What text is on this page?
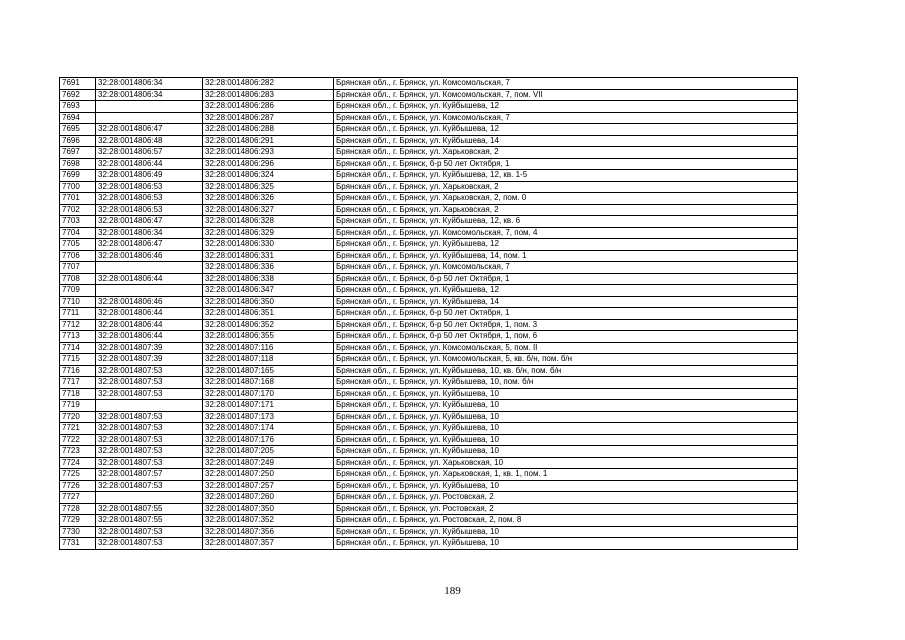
7691	32:28:0014806:34	32:28:0014806:282	Брянская обл., г. Брянск, ул. Комсомольская, 7
7692	32:28:0014806:34	32:28:0014806:283	Брянская обл., г. Брянск, ул. Комсомольская, 7, пом. VII
7693		32:28:0014806:286	Брянская обл., г. Брянск, ул. Куйбышева, 12
7694		32:28:0014806:287	Брянская обл., г. Брянск, ул. Комсомольская, 7
7695	32:28:0014806:47	32:28:0014806:288	Брянская обл., г. Брянск, ул. Куйбышева, 12
7696	32:28:0014806:48	32:28:0014806:291	Брянская обл., г. Брянск, ул. Куйбышева, 14
7697	32:28:0014806:57	32:28:0014806:293	Брянская обл., г. Брянск, ул. Харьковская, 2
7698	32:28:0014806:44	32:28:0014806:296	Брянская обл., г. Брянск, б-р 50 лет Октября, 1
7699	32:28:0014806:49	32:28:0014806:324	Брянская обл., г. Брянск, ул. Куйбышева, 12, кв. 1-5
7700	32:28:0014806:53	32:28:0014806:325	Брянская обл., г. Брянск, ул. Харьковская, 2
7701	32:28:0014806:53	32:28:0014806:326	Брянская обл., г. Брянск, ул. Харьковская, 2, пом. 0
7702	32:28:0014806:53	32:28:0014806:327	Брянская обл., г. Брянск, ул. Харьковская, 2
7703	32:28:0014806:47	32:28:0014806:328	Брянская обл., г. Брянск, ул. Куйбышева, 12, кв. 6
7704	32:28:0014806:34	32:28:0014806:329	Брянская обл., г. Брянск, ул. Комсомольская, 7, пом. 4
7705	32:28:0014806:47	32:28:0014806:330	Брянская обл., г. Брянск, ул. Куйбышева, 12
7706	32:28:0014806:46	32:28:0014806:331	Брянская обл., г. Брянск, ул. Куйбышева, 14, пом. 1
7707		32:28:0014806:336	Брянская обл., г. Брянск, ул. Комсомольская, 7
7708	32:28:0014806:44	32:28:0014806:338	Брянская обл., г. Брянск, б-р 50 лет Октября, 1
7709		32:28:0014806:347	Брянская обл., г. Брянск, ул. Куйбышева, 12
7710	32:28:0014806:46	32:28:0014806:350	Брянская обл., г. Брянск, ул. Куйбышева, 14
7711	32:28:0014806:44	32:28:0014806:351	Брянская обл., г. Брянск, б-р 50 лет Октября, 1
7712	32:28:0014806:44	32:28:0014806:352	Брянская обл., г. Брянск, б-р 50 лет Октября, 1, пом. 3
7713	32:28:0014806:44	32:28:0014806:355	Брянская обл., г. Брянск, б-р 50 лет Октября, 1, пом. 6
7714	32:28:0014807:39	32:28:0014807:116	Брянская обл., г. Брянск, ул. Комсомольская, 5, пом. II
7715	32:28:0014807:39	32:28:0014807:118	Брянская обл., г. Брянск, ул. Комсомольская, 5, кв. б/н, пом. б/н
7716	32:28:0014807:53	32:28:0014807:165	Брянская обл., г. Брянск, ул. Куйбышева, 10, кв. б/н, пом. б/н
7717	32:28:0014807:53	32:28:0014807:168	Брянская обл., г. Брянск, ул. Куйбышева, 10, пом. б/н
7718	32:28:0014807:53	32:28:0014807:170	Брянская обл., г. Брянск, ул. Куйбышева, 10
7719		32:28:0014807:171	Брянская обл., г. Брянск, ул. Куйбышева, 10
7720	32:28:0014807:53	32:28:0014807:173	Брянская обл., г. Брянск, ул. Куйбышева, 10
7721	32:28:0014807:53	32:28:0014807:174	Брянская обл., г. Брянск, ул. Куйбышева, 10
7722	32:28:0014807:53	32:28:0014807:176	Брянская обл., г. Брянск, ул. Куйбышева, 10
7723	32:28:0014807:53	32:28:0014807:205	Брянская обл., г. Брянск, ул. Куйбышева, 10
7724	32:28:0014807:53	32:28:0014807:249	Брянская обл., г. Брянск, ул. Харьковская, 10
7725	32:28:0014807:57	32:28:0014807:250	Брянская обл., г. Брянск, ул. Харьковская, 1, кв. 1, пом. 1
7726	32:28:0014807:53	32:28:0014807:257	Брянская обл., г. Брянск, ул. Куйбышева, 10
7727		32:28:0014807:260	Брянская обл., г. Брянск, ул. Ростовская, 2
7728	32:28:0014807:55	32:28:0014807:350	Брянская обл., г. Брянск, ул. Ростовская, 2
7729	32:28:0014807:55	32:28:0014807:352	Брянская обл., г. Брянск, ул. Ростовская, 2, пом. 8
7730	32:28:0014807:53	32:28:0014807:356	Брянская обл., г. Брянск, ул. Куйбышева, 10
7731	32:28:0014807:53	32:28:0014807:357	Брянская обл., г. Брянск, ул. Куйбышева, 10
189
